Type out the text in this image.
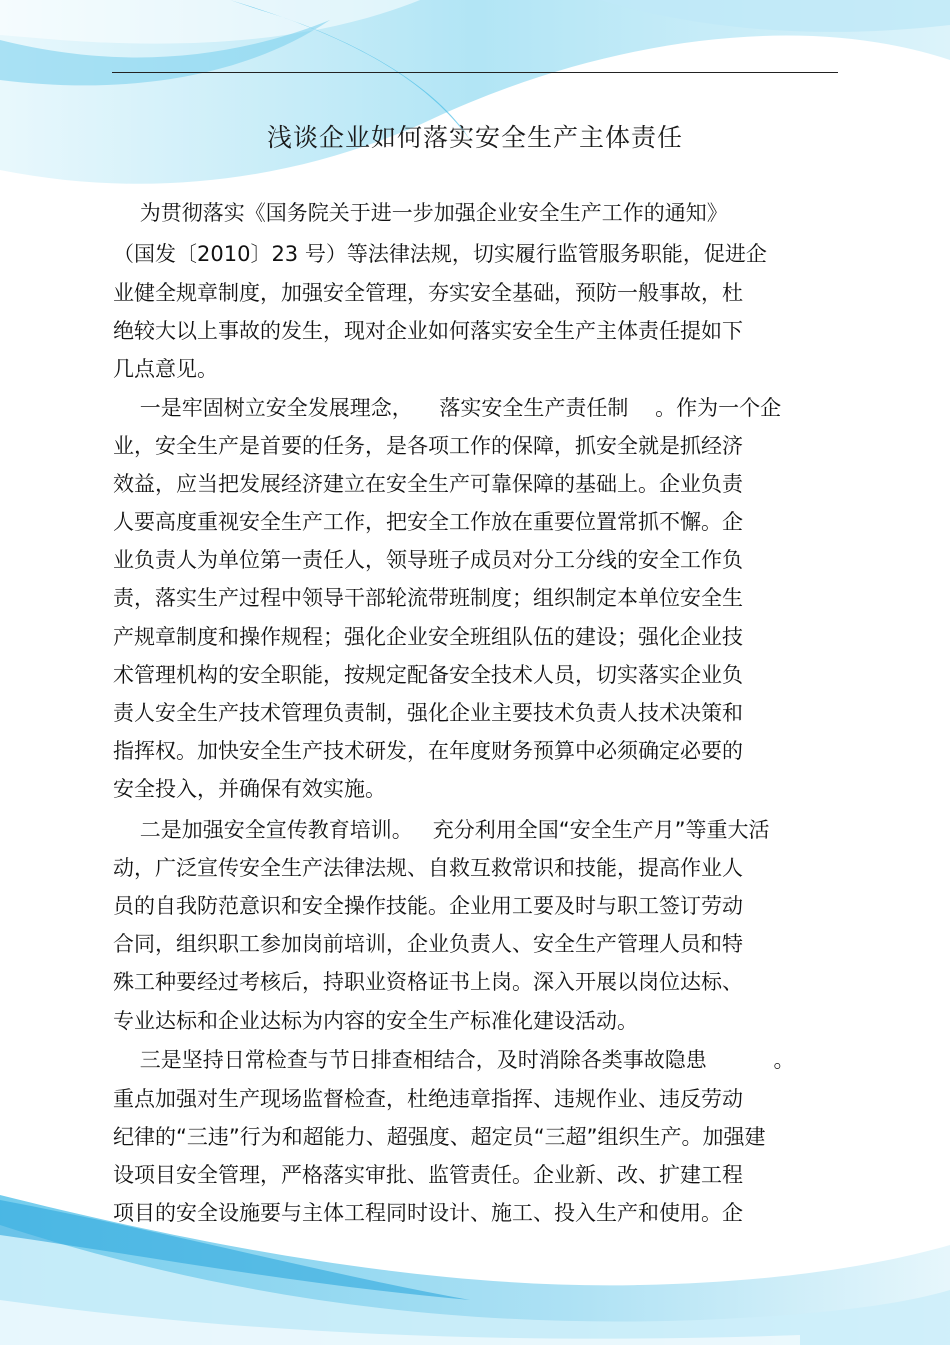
浅谈企业如何落实安全生产主体责任
为贯彻落实《国务院关于进一步加强企业安全生产工作的通知》
（国发〔2010〕23 号）等法律法规，切实履行监管服务职能，促进企
业健全规章制度，加强安全管理，夯实安全基础，预防一般事故，杜
绝较大以上事故的发生，现对企业如何落实安全生产主体责任提如下
几点意见。
一是牢固树立安全发展理念，    落实安全生产责任制    。作为一个企
业，安全生产是首要的任务，是各项工作的保障，抓安全就是抓经济
效益，应当把发展经济建立在安全生产可靠保障的基础上。企业负责
人要高度重视安全生产工作，把安全工作放在重要位置常抓不懈。企
业负责人为单位第一责任人，领导班子成员对分工分线的安全工作负
责，落实生产过程中领导干部轮流带班制度；组织制定本单位安全生
产规章制度和操作规程；强化企业安全班组队伍的建设；强化企业技
术管理机构的安全职能，按规定配备安全技术人员，切实落实企业负
责人安全生产技术管理负责制，强化企业主要技术负责人技术决策和
指挥权。加快安全生产技术研发，在年度财务预算中必须确定必要的
安全投入，并确保有效实施。
二是加强安全宣传教育培训。   充分利用全国“安全生产月”等重大活
动，广泛宣传安全生产法律法规、自救互救常识和技能，提高作业人
员的自我防范意识和安全操作技能。企业用工要及时与职工签订劳动
合同，组织职工参加岗前培训，企业负责人、安全生产管理人员和特
殊工种要经过考核后，持职业资格证书上岗。深入开展以岗位达标、
专业达标和企业达标为内容的安全生产标准化建设活动。
三是坚持日常检查与节日排查相结合，及时消除各类事故隐患          。
重点加强对生产现场监督检查，杜绝违章指挥、违规作业、违反劳动
纪律的“三违”行为和超能力、超强度、超定员“三超”组织生产。加强建
设项目安全管理，严格落实审批、监管责任。企业新、改、扩建工程
项目的安全设施要与主体工程同时设计、施工、投入生产和使用。企
